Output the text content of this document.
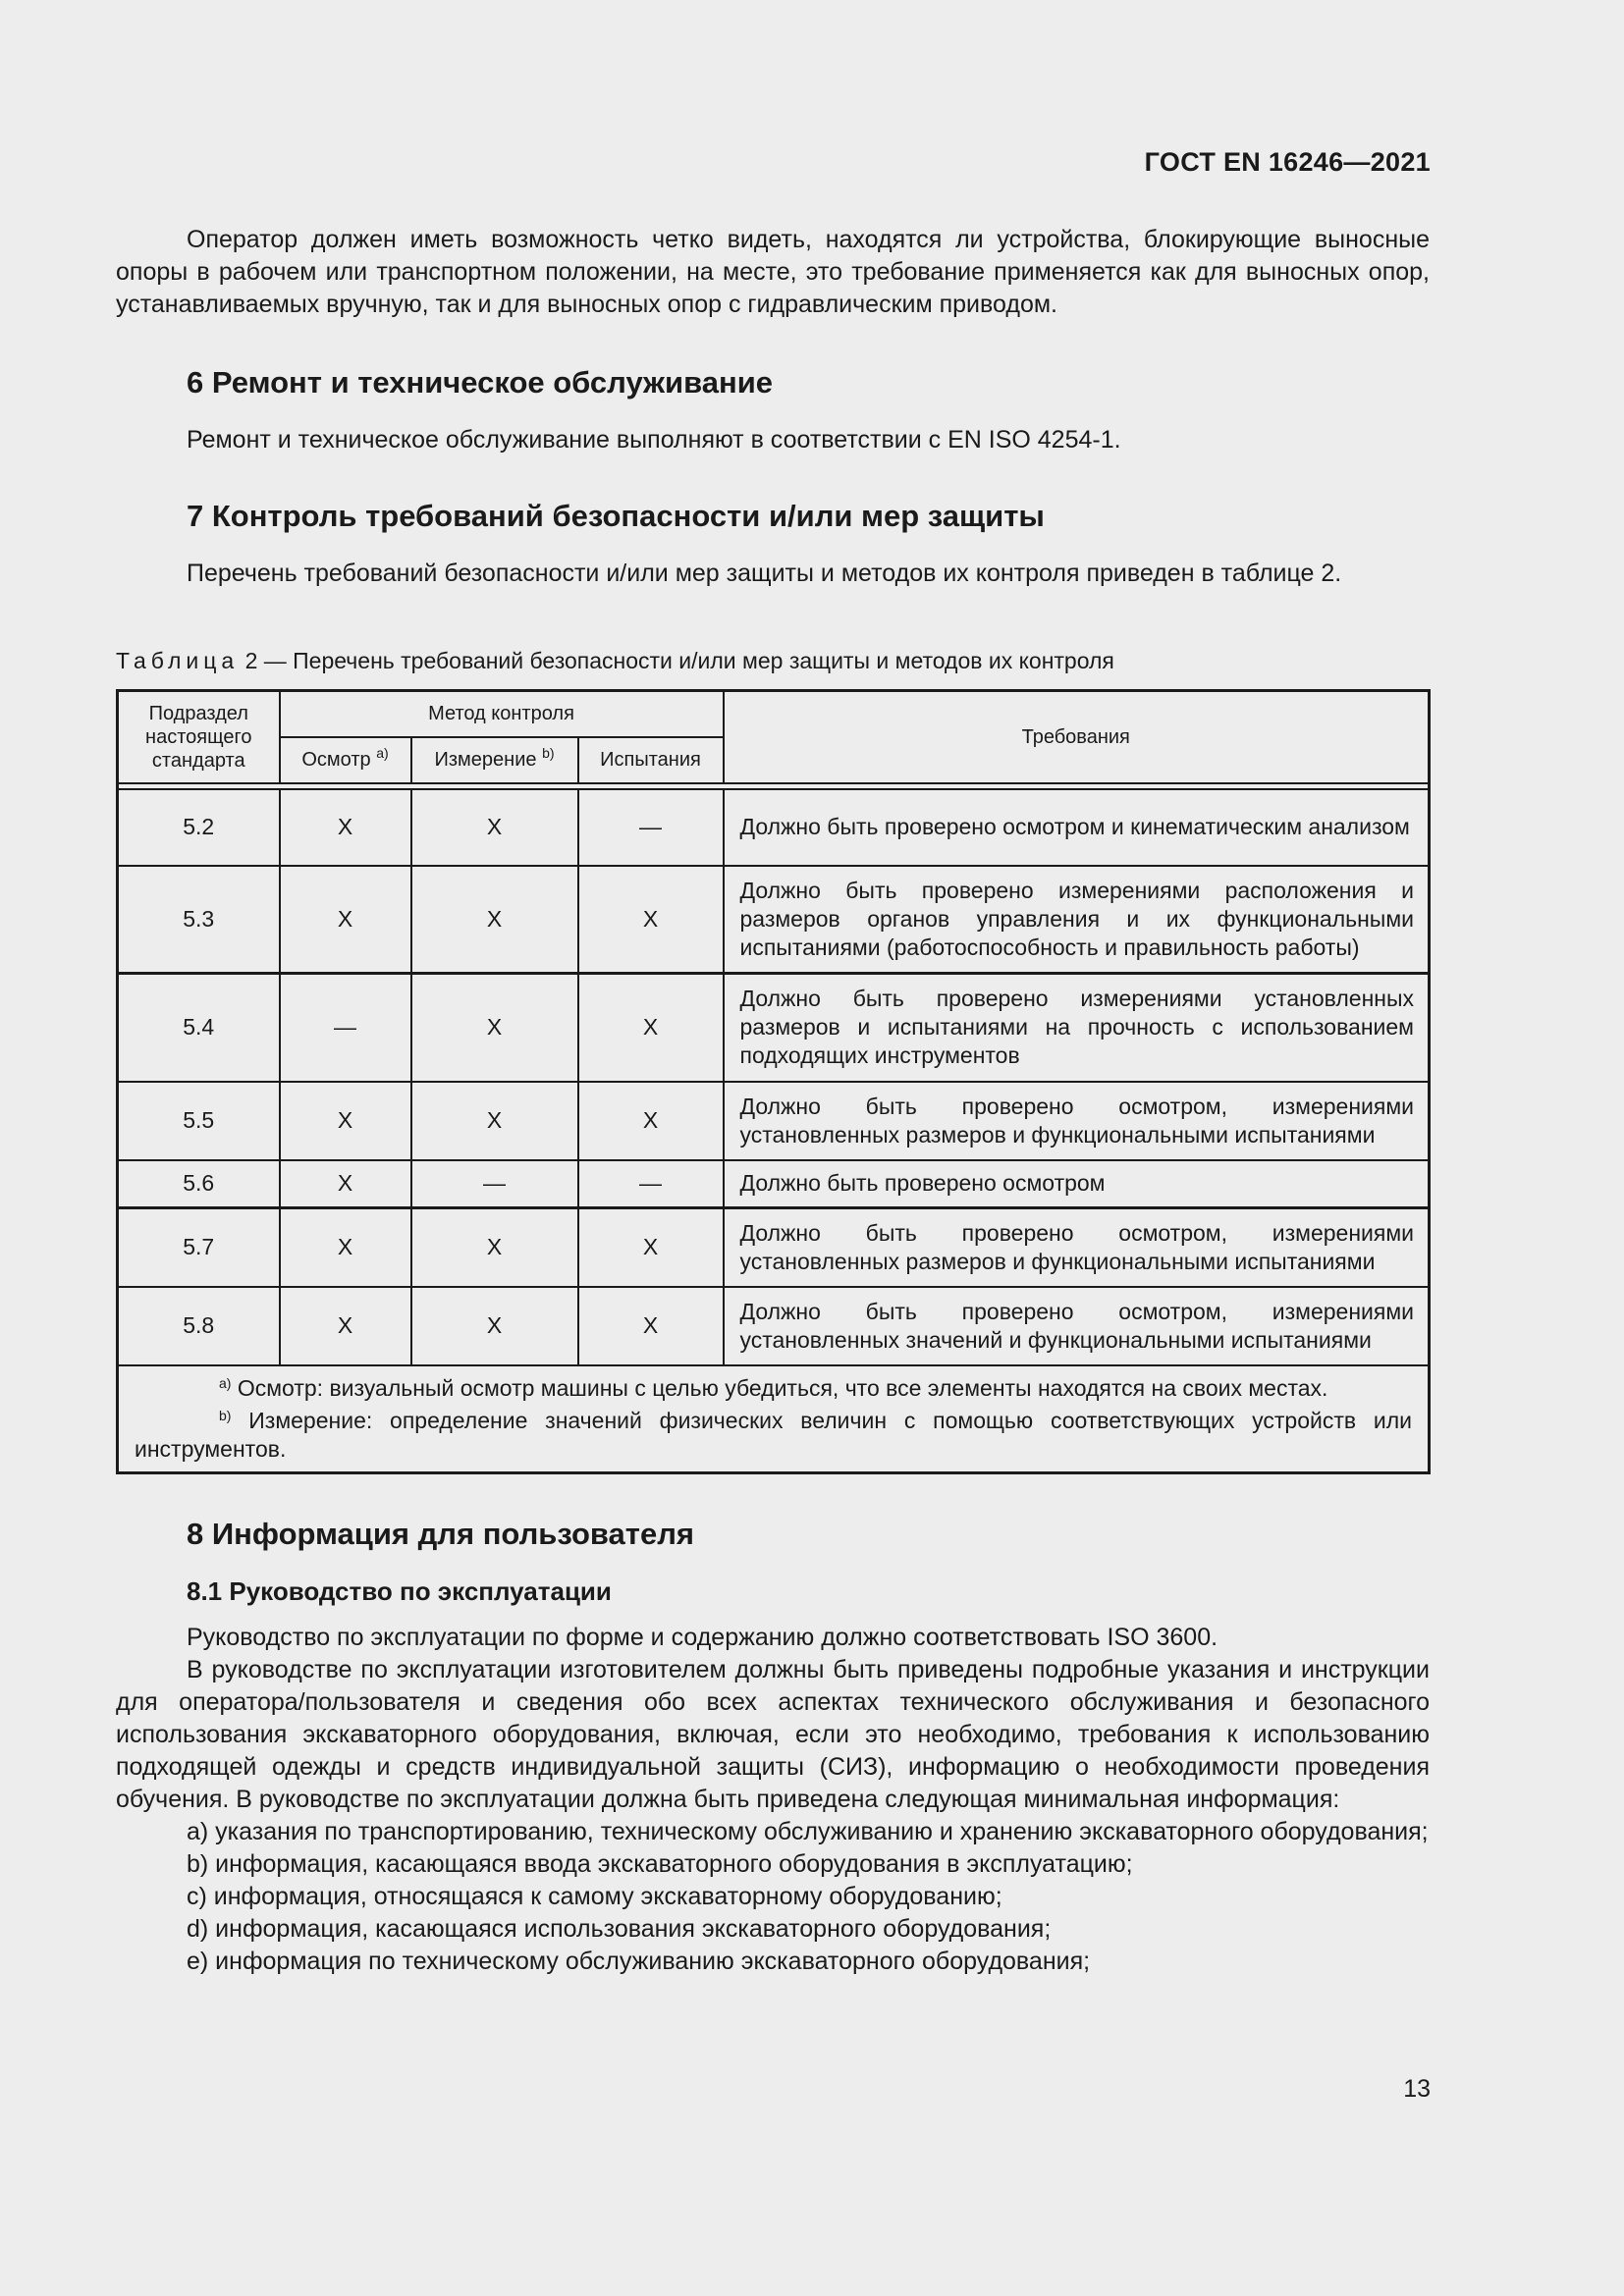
ГОСТ EN 16246—2021
Оператор должен иметь возможность четко видеть, находятся ли устройства, блокирующие выносные опоры в рабочем или транспортном положении, на месте, это требование применяется как для выносных опор, устанавливаемых вручную, так и для выносных опор с гидравлическим приводом.
6 Ремонт и техническое обслуживание
Ремонт и техническое обслуживание выполняют в соответствии с EN ISO 4254-1.
7 Контроль требований безопасности и/или мер защиты
Перечень требований безопасности и/или мер защиты и методов их контроля приведен в таблице 2.
Таблица 2 — Перечень требований безопасности и/или мер защиты и методов их контроля
Подраздел настоящего стандарта	Метод контроля			Требования
	Осмотр $^{a)}$	Измерение $^{b)}$	Испытания	

5.2	X	X	—	Должно быть проверено осмотром и кинематическим анализом
5.3	X	X	X	Должно быть проверено измерениями расположения и размеров органов управления и их функциональными испытаниями (работоспособность и правильность работы)
5.4	—	X	X	Должно быть проверено измерениями установленных размеров и испытаниями на прочность с использованием подходящих инструментов
5.5	X	X	X	Должно быть проверено осмотром, измерениями установленных размеров и функциональными испытаниями
5.6	X	—	—	Должно быть проверено осмотром
5.7	X	X	X	Должно быть проверено осмотром, измерениями установленных размеров и функциональными испытаниями
5.8	X	X	X	Должно быть проверено осмотром, измерениями установленных значений и функциональными испытаниями

$^{a)}$ Осмотр: визуальный осмотр машины с целью убедиться, что все элементы находятся на своих местах.
$^{b)}$ Измерение: определение значений физических величин с помощью соответствующих устройств или инструментов.				
8 Информация для пользователя
8.1 Руководство по эксплуатации
Руководство по эксплуатации по форме и содержанию должно соответствовать ISO 3600.
В руководстве по эксплуатации изготовителем должны быть приведены подробные указания и инструкции для оператора/пользователя и сведения обо всех аспектах технического обслуживания и безопасного использования экскаваторного оборудования, включая, если это необходимо, требования к использованию подходящей одежды и средств индивидуальной защиты (СИЗ), информацию о необходимости проведения обучения. В руководстве по эксплуатации должна быть приведена следующая минимальная информация:
a) указания по транспортированию, техническому обслуживанию и хранению экскаваторного оборудования;
b) информация, касающаяся ввода экскаваторного оборудования в эксплуатацию;
c) информация, относящаяся к самому экскаваторному оборудованию;
d) информация, касающаяся использования экскаваторного оборудования;
e) информация по техническому обслуживанию экскаваторного оборудования;
13
